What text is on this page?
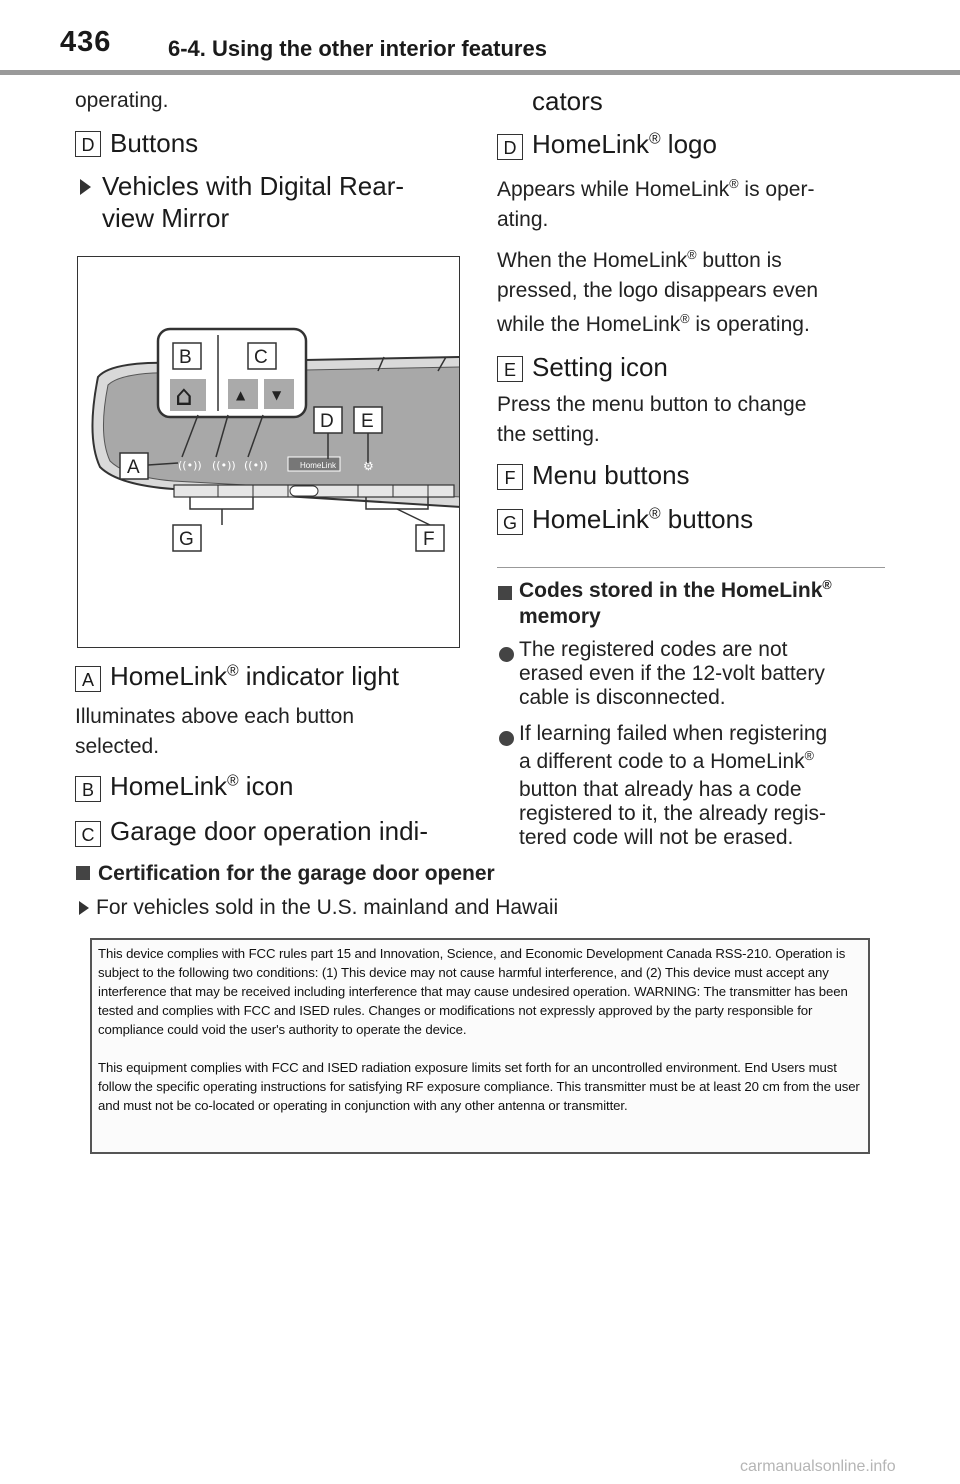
436	6-4. Using the other interior features
operating.
D Buttons
Vehicles with Digital Rear-
view Mirror
((•)) ((•)) ((•))	HomeLink ⚙
⌂	▲ ▼
B	C
D E
A
G	F
A HomeLink® indicator light
Illuminates above each button
selected.
B HomeLink® icon
C Garage door operation indi-
cators
D HomeLink® logo
Appears while HomeLink® is oper-
ating.
When the HomeLink® button is
pressed, the logo disappears even
while the HomeLink® is operating.
E Setting icon
Press the menu button to change
the setting.
F Menu buttons
G HomeLink® buttons
Codes stored in the HomeLink®
memory
The registered codes are not
erased even if the 12-volt battery
cable is disconnected.
If learning failed when registering
a different code to a HomeLink®
button that already has a code
registered to it, the already regis-
tered code will not be erased.
Certification for the garage door opener
For vehicles sold in the U.S. mainland and Hawaii

This device complies with FCC rules part 15 and Innovation, Science, and Economic Development Canada RSS-210. Operation is subject to the following two conditions: (1) This device may not cause harmful interference, and (2) This device must accept any interference that may be received including interference that may cause undesired operation. WARNING: The transmitter has been tested and complies with FCC and ISED rules. Changes or modifications not expressly approved by the party responsible for compliance could void the user's authority to operate the device.

This equipment complies with FCC and ISED radiation exposure limits set forth for an uncontrolled environment. End Users must follow the specific operating instructions for satisfying RF exposure compliance. This transmitter must be at least 20 cm from the user and must not be co-located or operating in conjunction with any other antenna or transmitter.

carmanualsonline.info
